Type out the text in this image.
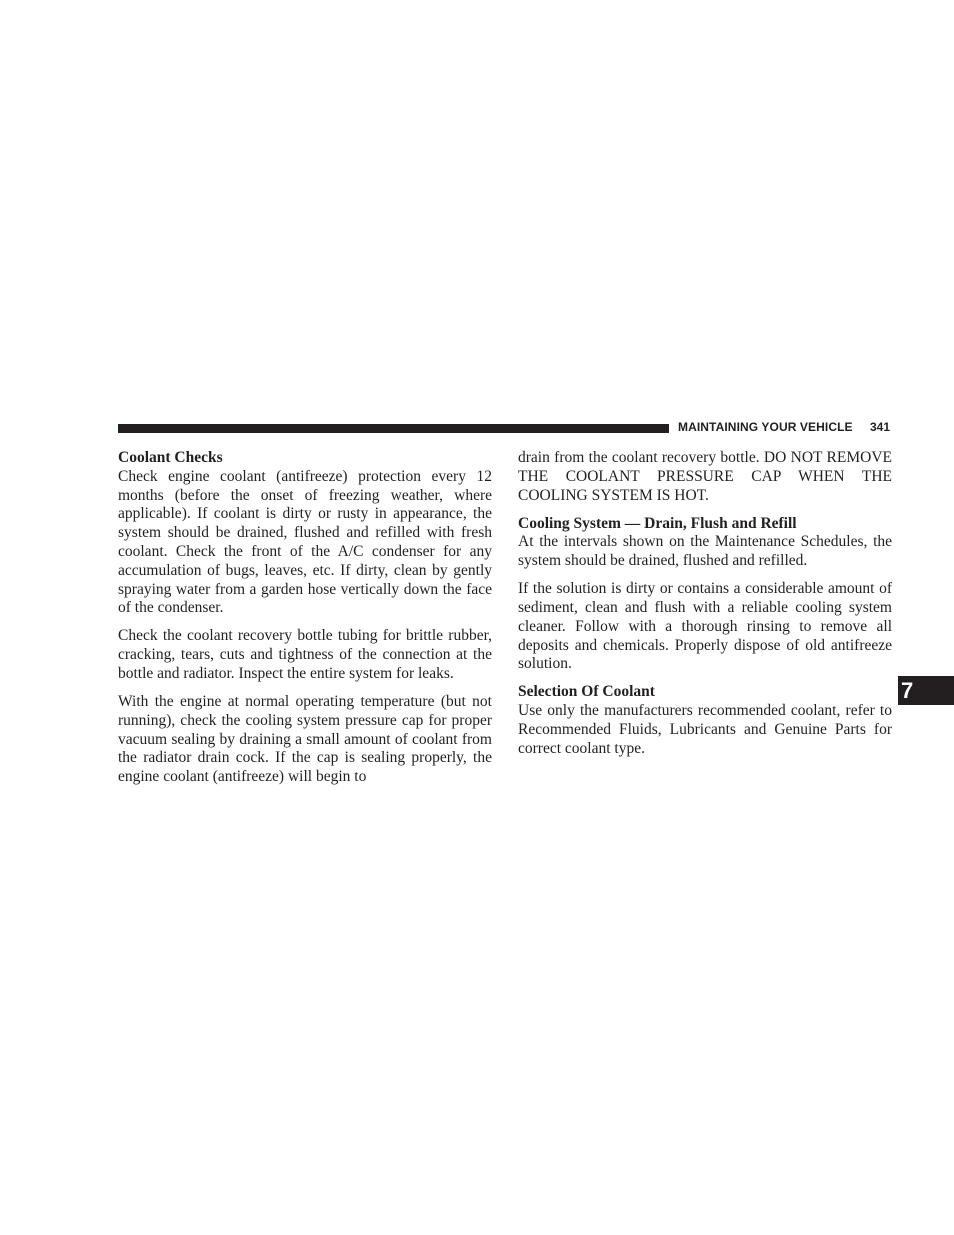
MAINTAINING YOUR VEHICLE 341
Coolant Checks

Check engine coolant (antifreeze) protection every 12 months (before the onset of freezing weather, where applicable). If coolant is dirty or rusty in appearance, the system should be drained, flushed and refilled with fresh coolant. Check the front of the A/C condenser for any accumulation of bugs, leaves, etc. If dirty, clean by gently spraying water from a garden hose vertically down the face of the condenser.

Check the coolant recovery bottle tubing for brittle rubber, cracking, tears, cuts and tightness of the connection at the bottle and radiator. Inspect the entire system for leaks.

With the engine at normal operating temperature (but not running), check the cooling system pressure cap for proper vacuum sealing by draining a small amount of coolant from the radiator drain cock. If the cap is sealing properly, the engine coolant (antifreeze) will begin to

drain from the coolant recovery bottle. DO NOT REMOVE THE COOLANT PRESSURE CAP WHEN THE COOLING SYSTEM IS HOT.

Cooling System — Drain, Flush and Refill

At the intervals shown on the Maintenance Schedules, the system should be drained, flushed and refilled.

If the solution is dirty or contains a considerable amount of sediment, clean and flush with a reliable cooling system cleaner. Follow with a thorough rinsing to remove all deposits and chemicals. Properly dispose of old antifreeze solution.

Selection Of Coolant

Use only the manufacturers recommended coolant, refer to Recommended Fluids, Lubricants and Genuine Parts for correct coolant type.

7
